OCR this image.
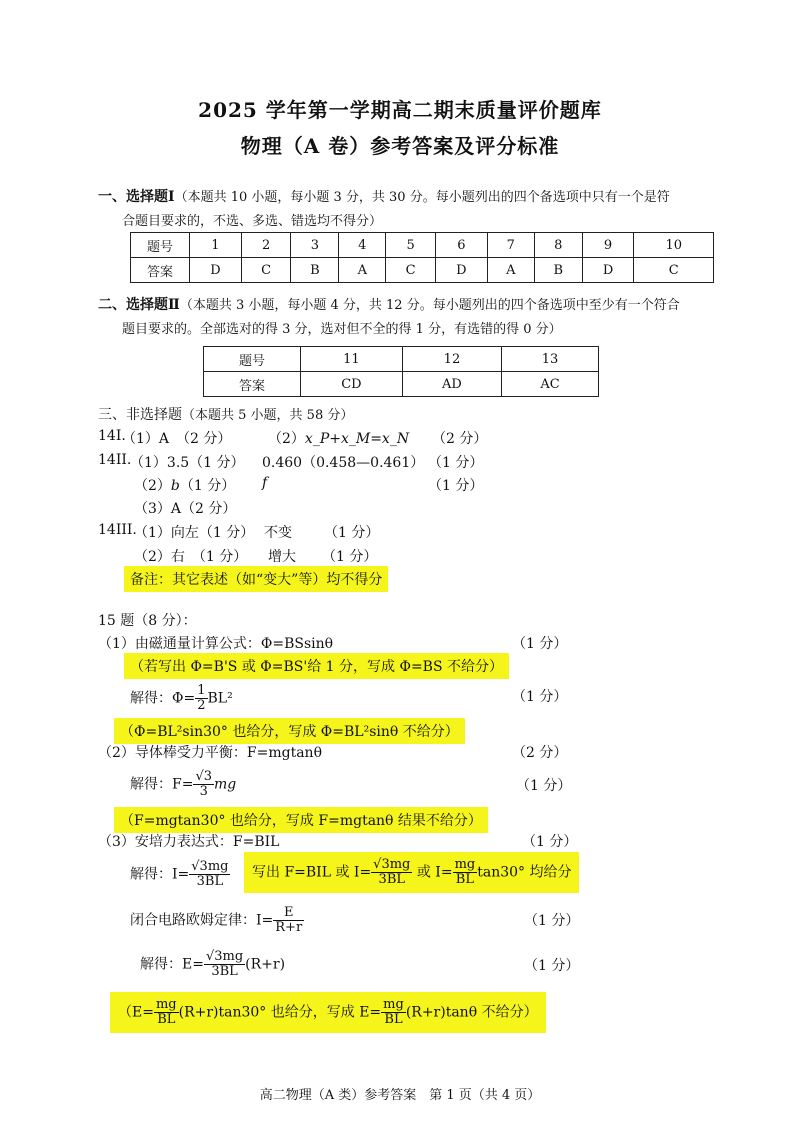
2025 学年第一学期高二期末质量评价题库
物理（A 卷）参考答案及评分标准
一、选择题Ⅰ（本题共 10 小题，每小题 3 分，共 30 分。每小题列出的四个备选项中只有一个是符
合题目要求的，不选、多选、错选均不得分）
题号	1	2	3	4	5	6	7	8	9	10
答案	D	C	B	A	C	D	A	B	D	C
二、选择题Ⅱ（本题共 3 小题，每小题 4 分，共 12 分。每小题列出的四个备选项中至少有一个符合
题目要求的。全部选对的得 3 分，选对但不全的得 1 分，有选错的得 0 分）
题号	11	12	13
答案	CD	AD	AC
三、非选择题（本题共 5 小题，共 58 分）
14I.
（1）A　（2 分）	（2）x_P+x_M=x_N （2 分）
14II.
（1）3.5（1 分） 0.460（0.458—0.461） （1 分）
（2）b（1 分） f	（1 分）
（3）A（2 分）
14III.
（1）向左（1 分） 不变 （1 分）
（2）右　（1 分） 增大 （1 分）
备注：其它表述（如“变大”等）均不得分
15 题（8 分）：
（1）由磁通量计算公式：Φ=BSsinθ	（1 分）
（若写出 Φ=B'S 或 Φ=BS'给 1 分，写成 Φ=BS 不给分）
解得：$\Phi= \frac{1}{2} BL^2$	（1 分）
（Φ=BL²sin30° 也给分，写成 Φ=BL²sinθ 不给分）
（2）导体棒受力平衡：F=mgtanθ	（2 分）
解得：$F= \frac{√3}{3}$ mg	（1 分）
（F=mgtan30° 也给分，写成 F=mgtanθ 结果不给分）
（3）安培力表达式：F=BIL	（1 分）
解得：$I= \frac{√3mg}{3BL}$	写出 F=BIL 或 $I= \frac{√3mg}{3BL}$ 或 $I= \frac{mg}{BL} \tan 30^\circ$ 均给分
闭合电路欧姆定律：$I= \frac{E}{R+r}$	（1 分）
解得：$E= \frac{√3mg}{3BL} (R+r)$	（1 分）
（$E= \frac{mg}{BL} (R+r)\tan 30^\circ$ 也给分，写成 $E= \frac{mg}{BL} (R+r)\tan\theta$ 不给分）
高二物理（A 类）参考答案　第 1 页（共 4 页）
